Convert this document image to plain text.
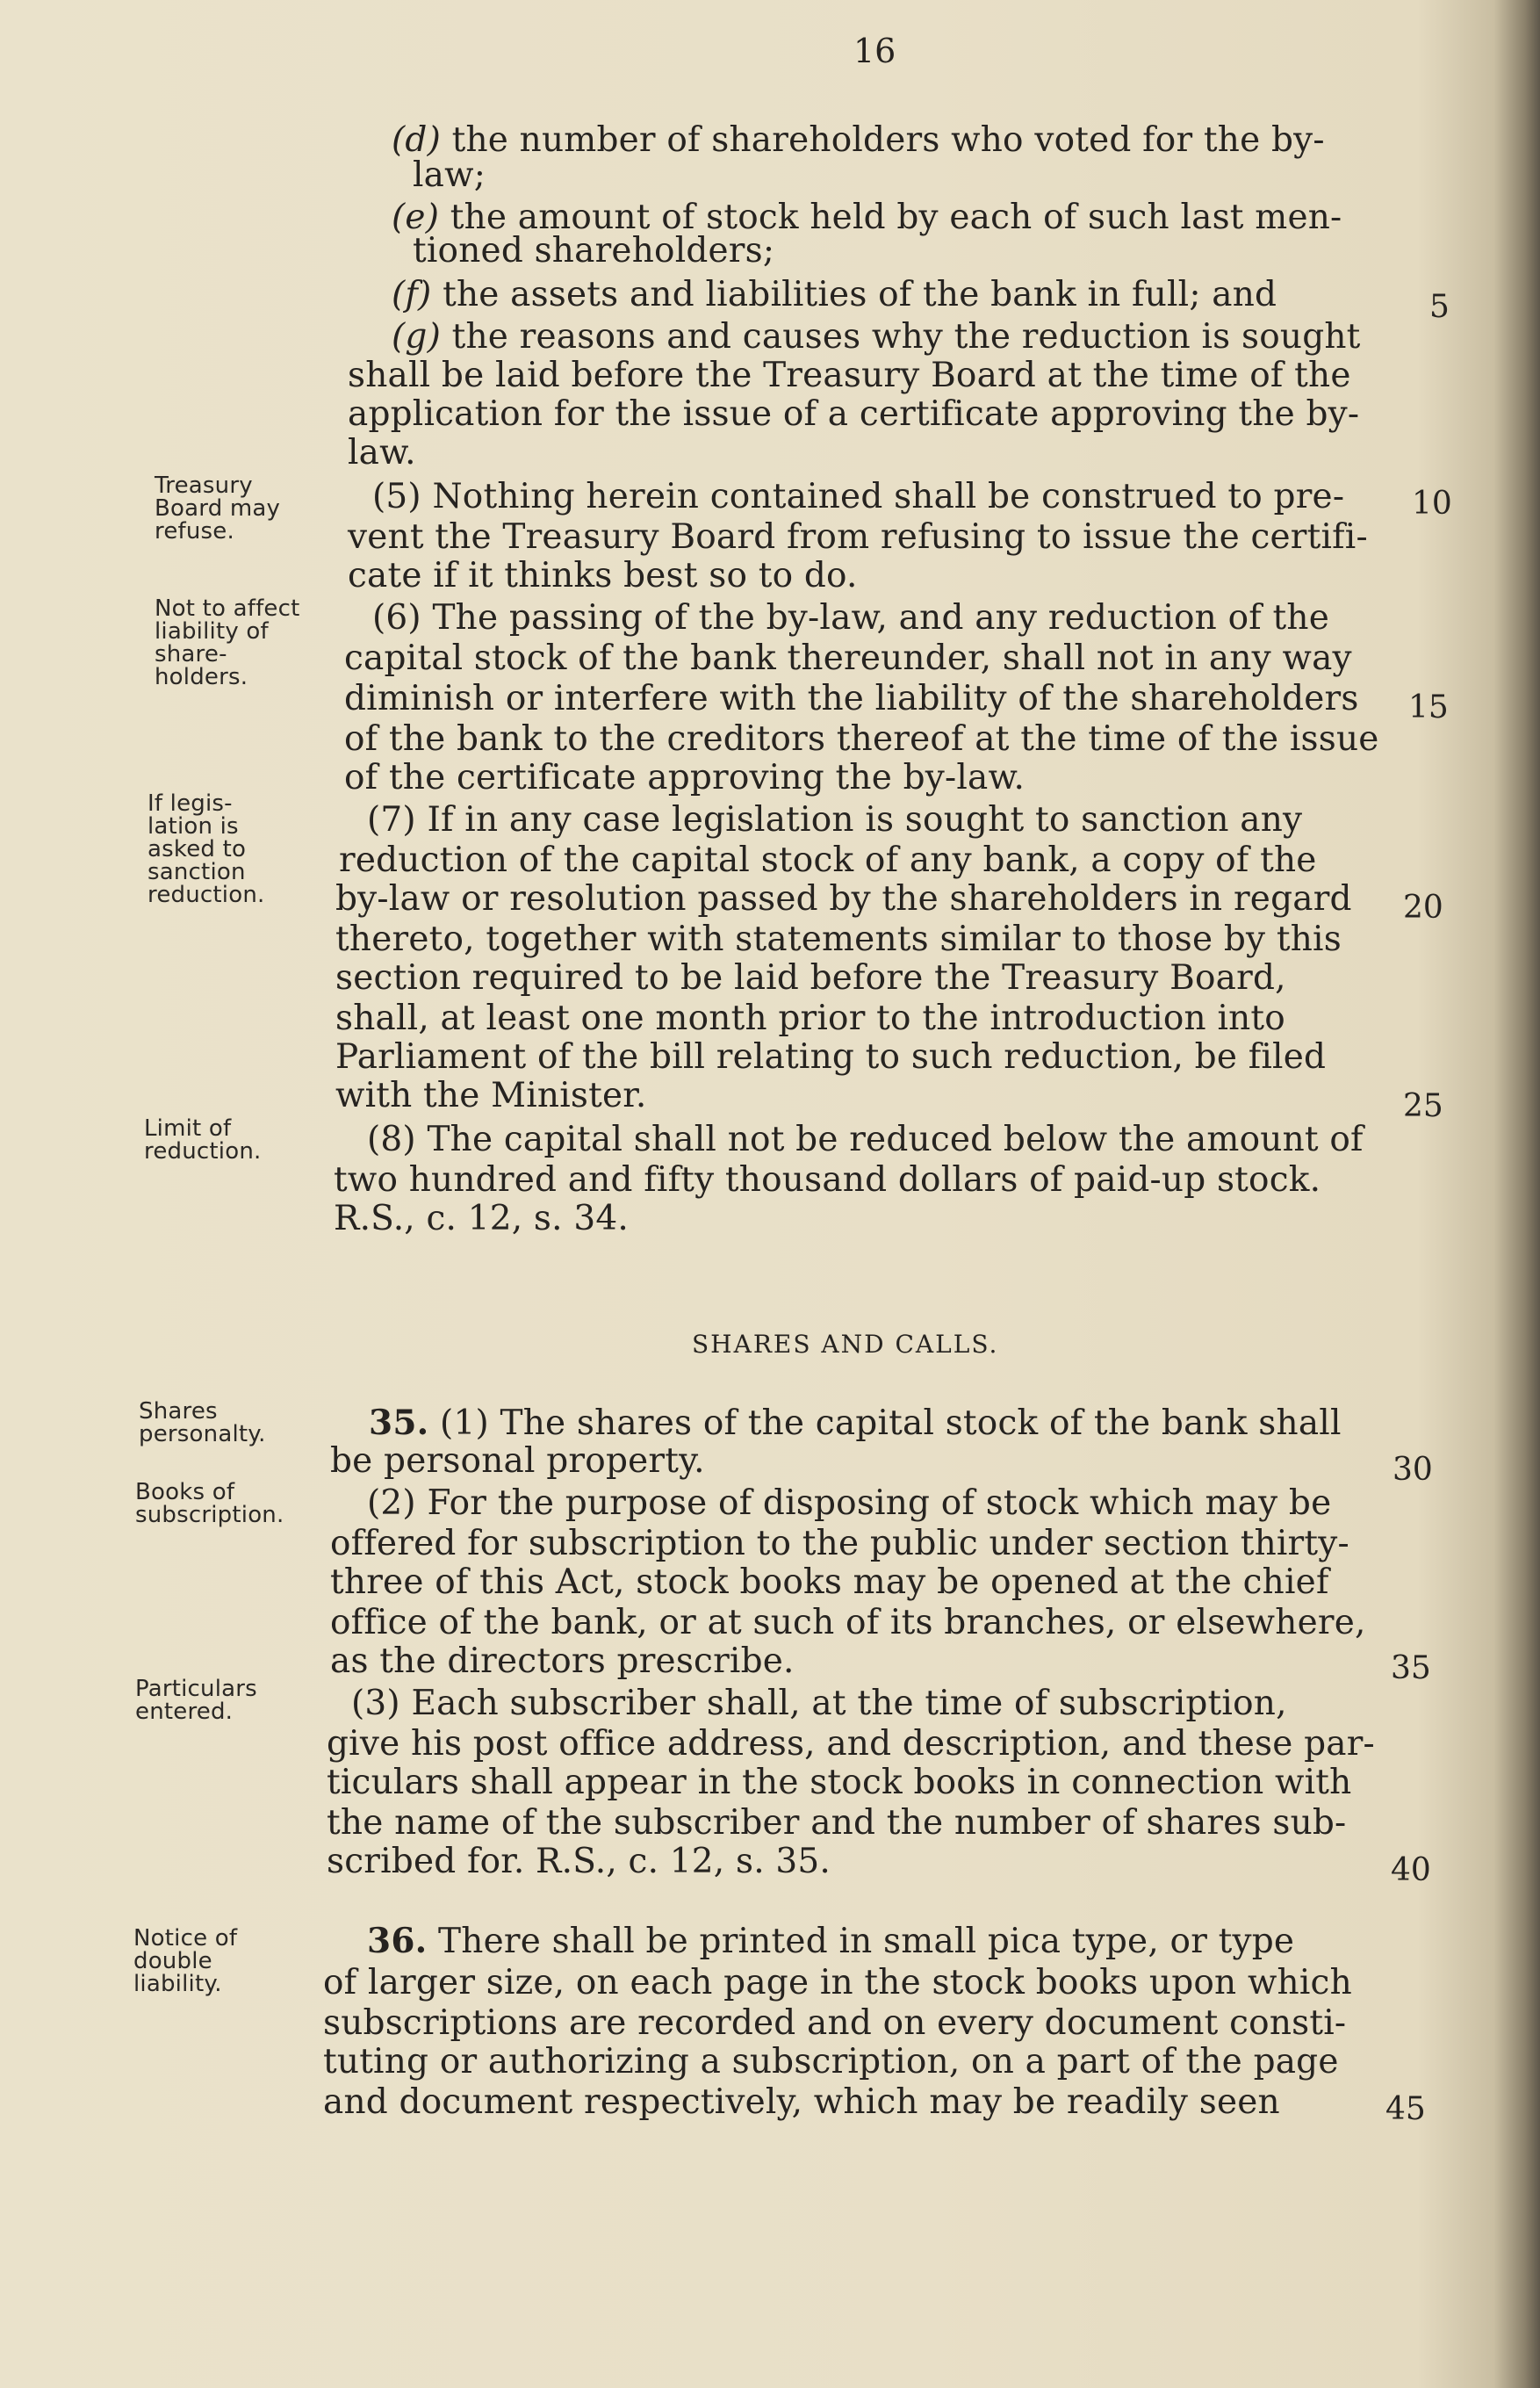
16
Treasury
Board may
refuse.
Not to affect
liability of
share-
holders.
If legis-
lation is
asked to
sanction
reduction.
Limit of
reduction.
Shares
personalty.
Books of
subscription.
Particulars
entered.
Notice of
double
liability.
SHARES AND CALLS.
(d) the number of shareholders who voted for the by-
law;
(e) the amount of stock held by each of such last men-
tioned shareholders;
(f) the assets and liabilities of the bank in full; and
(g) the reasons and causes why the reduction is sought
shall be laid before the Treasury Board at the time of the
application for the issue of a certificate approving the by-
law.
(5) Nothing herein contained shall be construed to pre-
vent the Treasury Board from refusing to issue the certifi-
cate if it thinks best so to do.
(6) The passing of the by-law, and any reduction of the
capital stock of the bank thereunder, shall not in any way
diminish or interfere with the liability of the shareholders
of the bank to the creditors thereof at the time of the issue
of the certificate approving the by-law.
(7) If in any case legislation is sought to sanction any
reduction of the capital stock of any bank, a copy of the
by-law or resolution passed by the shareholders in regard
thereto, together with statements similar to those by this
section required to be laid before the Treasury Board,
shall, at least one month prior to the introduction into
Parliament of the bill relating to such reduction, be filed
with the Minister.
(8) The capital shall not be reduced below the amount of
two hundred and fifty thousand dollars of paid-up stock.
R.S., c. 12, s. 34.
35. (1) The shares of the capital stock of the bank shall
be personal property.
(2) For the purpose of disposing of stock which may be
offered for subscription to the public under section thirty-
three of this Act, stock books may be opened at the chief
office of the bank, or at such of its branches, or elsewhere,
as the directors prescribe.
(3) Each subscriber shall, at the time of subscription,
give his post office address, and description, and these par-
ticulars shall appear in the stock books in connection with
the name of the subscriber and the number of shares sub-
scribed for. R.S., c. 12, s. 35.
36. There shall be printed in small pica type, or type
of larger size, on each page in the stock books upon which
subscriptions are recorded and on every document consti-
tuting or authorizing a subscription, on a part of the page
and document respectively, which may be readily seen
5
10
15
20
25
30
35
40
45
